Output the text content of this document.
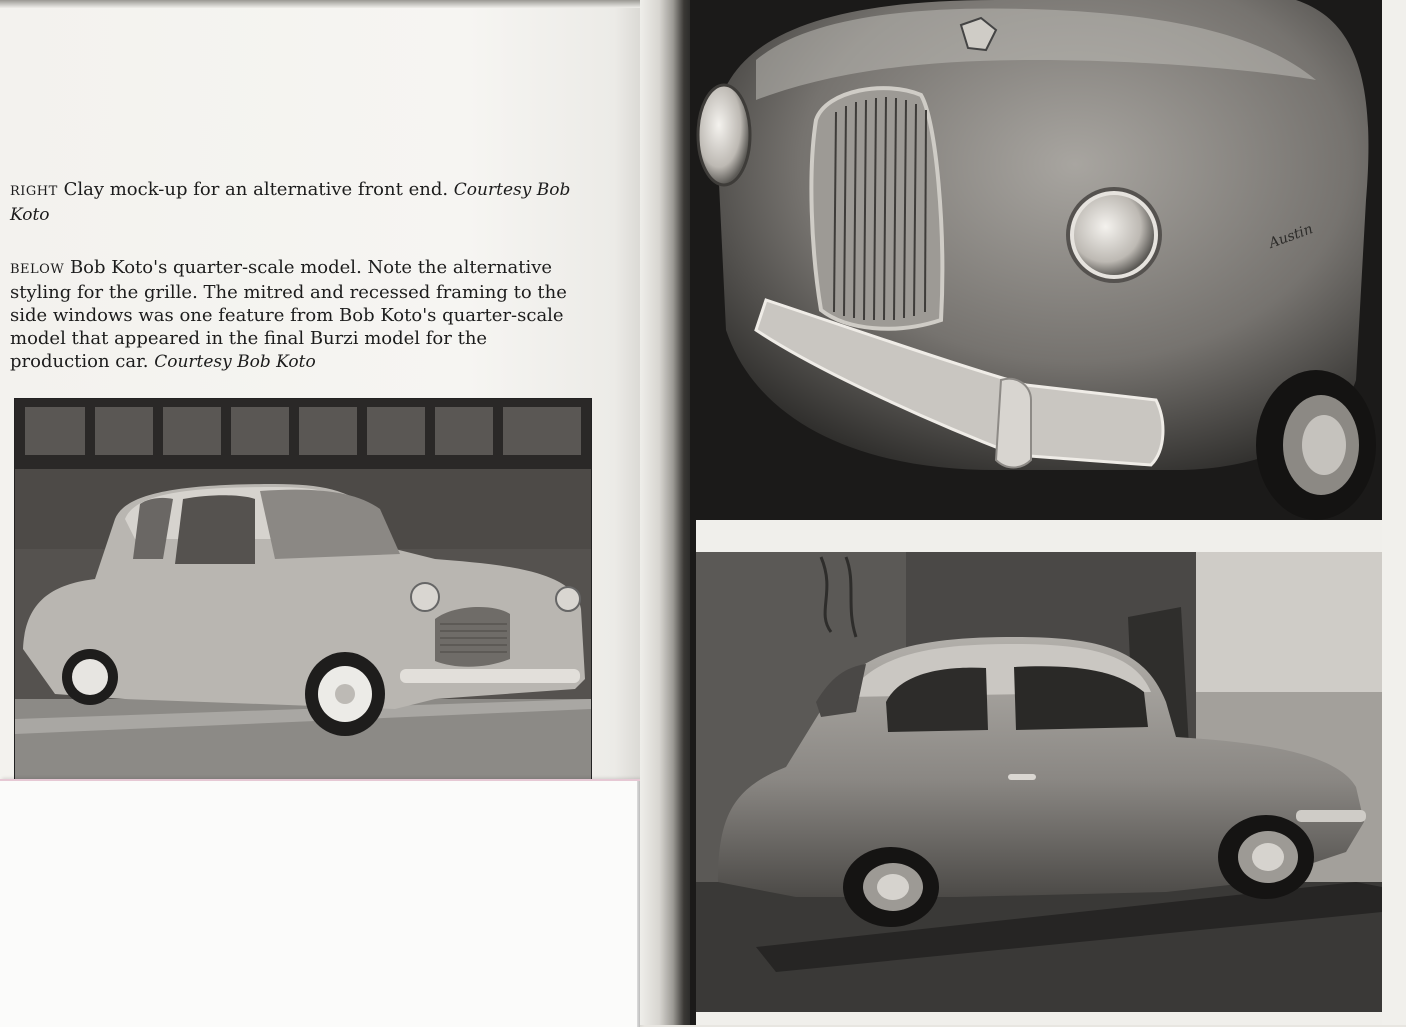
RIGHT Clay mock-up for an alternative front end. Courtesy Bob Koto

BELOW Bob Koto's quarter-scale model. Note the alternative styling for the grille. The mitred and recessed framing to the side windows was one feature from Bob Koto's quarter-scale model that appeared in the final Burzi model for the production car. Courtesy Bob Koto

Austin
